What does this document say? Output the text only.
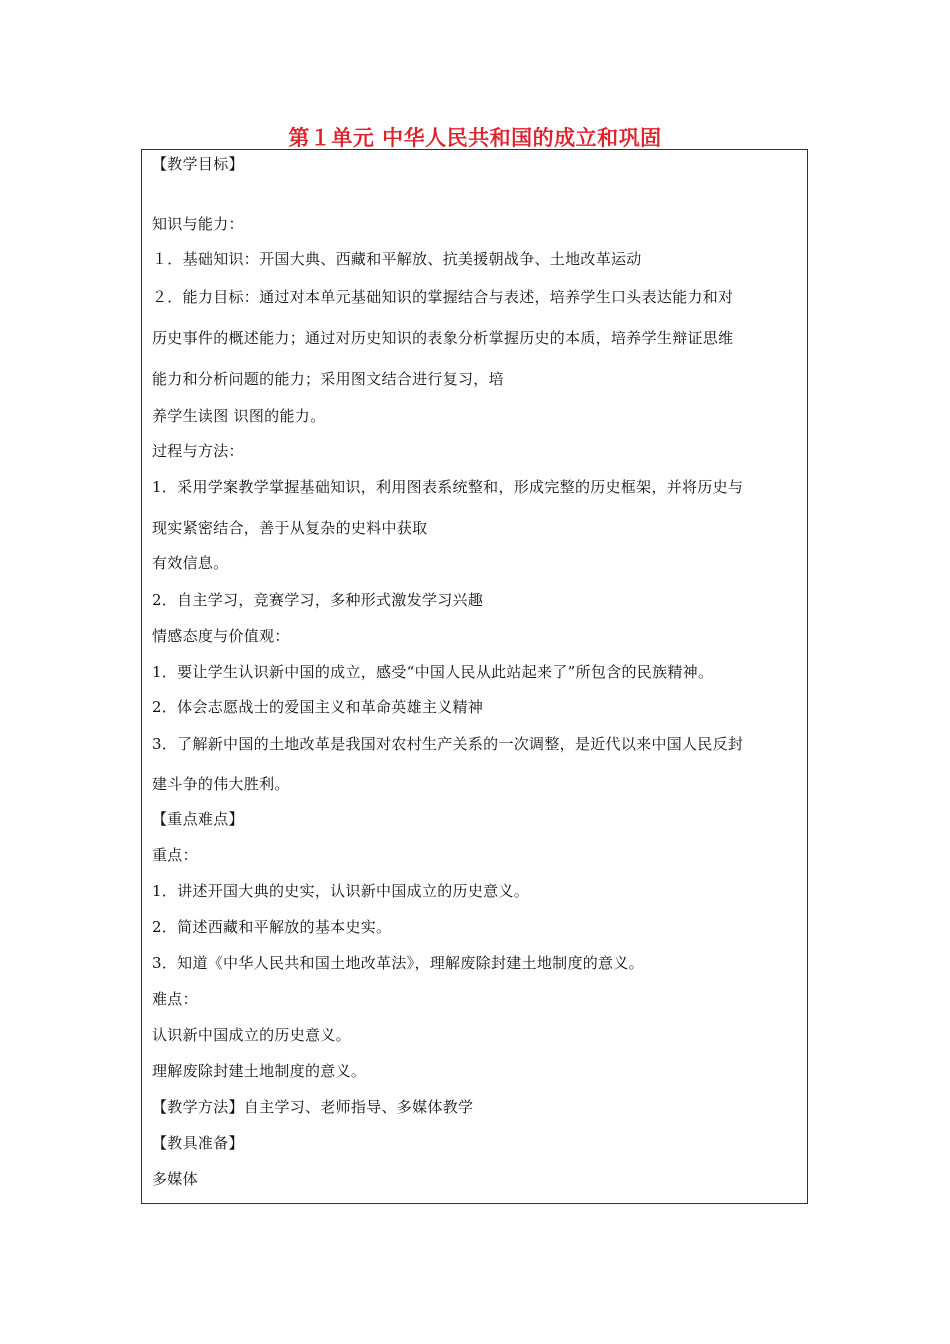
第１单元 中华人民共和国的成立和巩固
【教学目标】
知识与能力：
１．基础知识：开国大典、西藏和平解放、抗美援朝战争、土地改革运动
２．能力目标：通过对本单元基础知识的掌握结合与表述，培养学生口头表达能力和对
历史事件的概述能力；通过对历史知识的表象分析掌握历史的本质，培养学生辩证思维
能力和分析问题的能力；采用图文结合进行复习，培
养学生读图 识图的能力。
过程与方法：
1．采用学案教学掌握基础知识，利用图表系统整和，形成完整的历史框架，并将历史与
现实紧密结合，善于从复杂的史料中获取
有效信息。
2．自主学习，竞赛学习，多种形式激发学习兴趣
情感态度与价值观：
1．要让学生认识新中国的成立，感受“中国人民从此站起来了”所包含的民族精神。
2．体会志愿战士的爱国主义和革命英雄主义精神
3．了解新中国的土地改革是我国对农村生产关系的一次调整，是近代以来中国人民反封
建斗争的伟大胜利。
【重点难点】
重点：
1．讲述开国大典的史实，认识新中国成立的历史意义。
2．简述西藏和平解放的基本史实。
3．知道《中华人民共和国土地改革法》，理解废除封建土地制度的意义。
难点：
认识新中国成立的历史意义。
理解废除封建土地制度的意义。
【教学方法】自主学习、老师指导、多媒体教学
【教具准备】
多媒体
